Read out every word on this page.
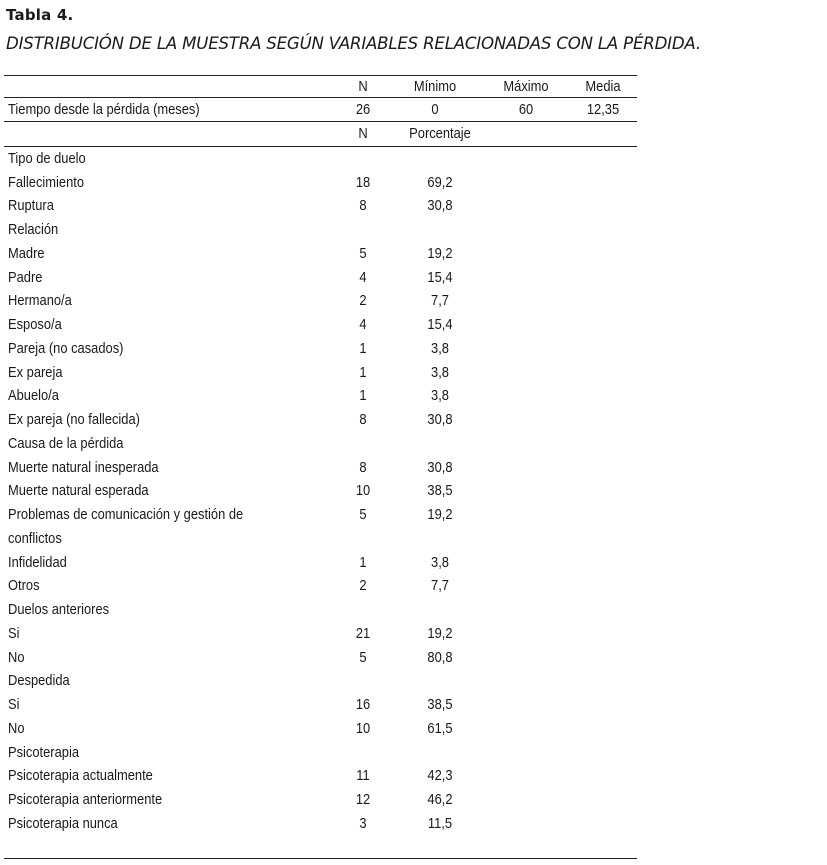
Tabla 4.
DISTRIBUCIÓN DE LA MUESTRA SEGÚN VARIABLES RELACIONADAS CON LA PÉRDIDA.
N	Mínimo	Máximo	Media
Tiempo desde la pérdida (meses)	26	0	60	12,35
N	Porcentaje
Tipo de duelo
Fallecimiento	18	69,2
Ruptura	8	30,8
Relación
Madre	5	19,2
Padre	4	15,4
Hermano/a	2	7,7
Esposo/a	4	15,4
Pareja (no casados)	1	3,8
Ex pareja	1	3,8
Abuelo/a	1	3,8
Ex pareja (no fallecida)	8	30,8
Causa de la pérdida
Muerte natural inesperada	8	30,8
Muerte natural esperada	10	38,5
Problemas de comunicación y gestión de	5	19,2
conflictos
Infidelidad	1	3,8
Otros	2	7,7
Duelos anteriores
Si	21	19,2
No	5	80,8
Despedida
Si	16	38,5
No	10	61,5
Psicoterapia
Psicoterapia actualmente	11	42,3
Psicoterapia anteriormente	12	46,2
Psicoterapia nunca	3	11,5
